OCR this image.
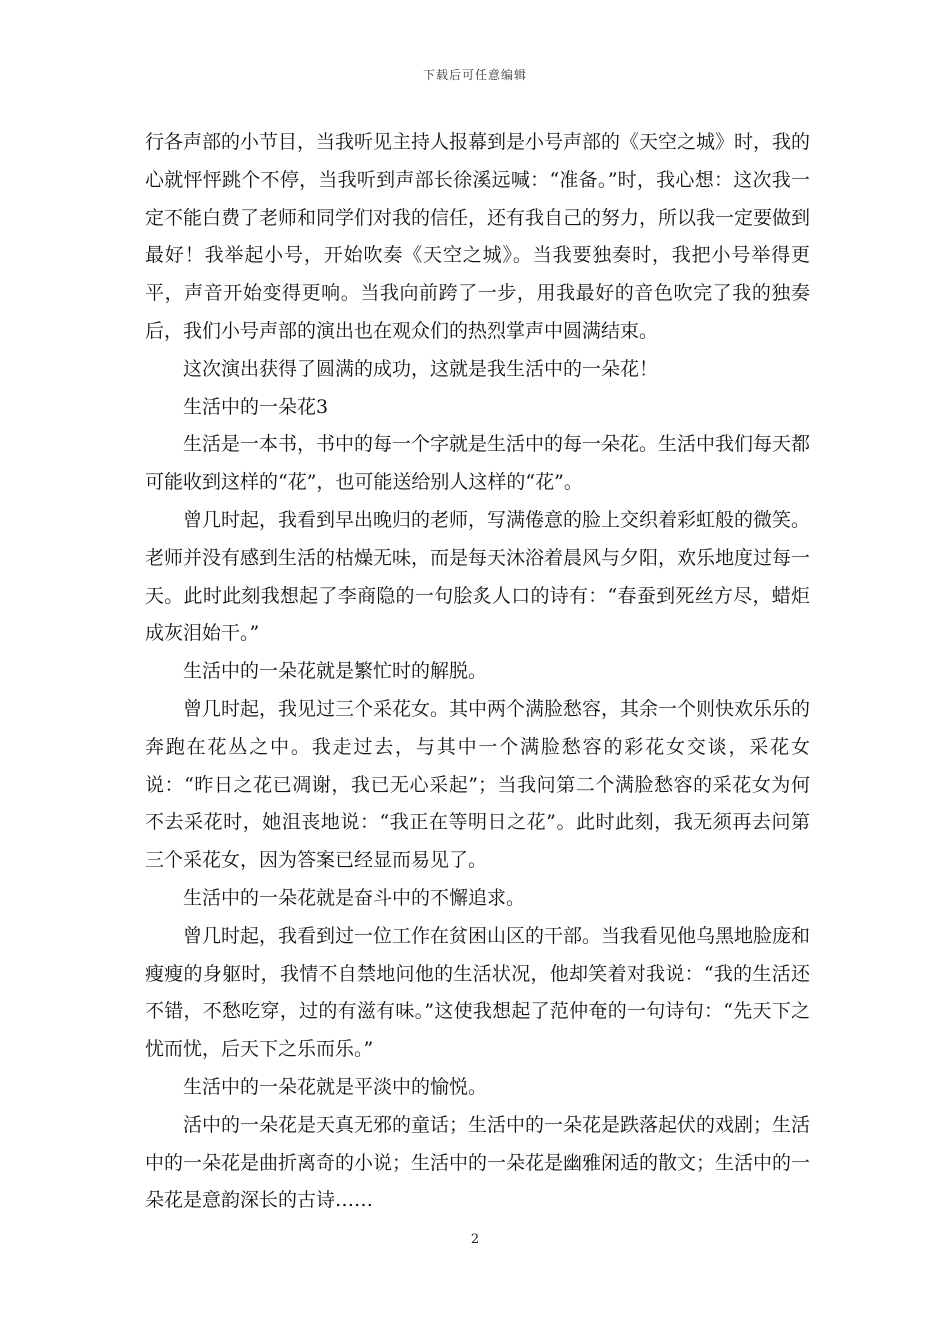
下载后可任意编辑

行各声部的小节目，当我听见主持人报幕到是小号声部的《天空之城》时，我的心就怦怦跳个不停，当我听到声部长徐溪远喊：“准备。”时，我心想：这次我一定不能白费了老师和同学们对我的信任，还有我自己的努力，所以我一定要做到最好！我举起小号，开始吹奏《天空之城》。当我要独奏时，我把小号举得更平，声音开始变得更响。当我向前跨了一步，用我最好的音色吹完了我的独奏后，我们小号声部的演出也在观众们的热烈掌声中圆满结束。

这次演出获得了圆满的成功，这就是我生活中的一朵花！

生活中的一朵花3

生活是一本书，书中的每一个字就是生活中的每一朵花。生活中我们每天都可能收到这样的“花”，也可能送给别人这样的“花”。

曾几时起，我看到早出晚归的老师，写满倦意的脸上交织着彩虹般的微笑。老师并没有感到生活的枯燥无味，而是每天沐浴着晨风与夕阳，欢乐地度过每一天。此时此刻我想起了李商隐的一句脍炙人口的诗有：“春蚕到死丝方尽，蜡炬成灰泪始干。”

生活中的一朵花就是繁忙时的解脱。

曾几时起，我见过三个采花女。其中两个满脸愁容，其余一个则快欢乐乐的奔跑在花丛之中。我走过去，与其中一个满脸愁容的彩花女交谈，采花女说：“昨日之花已凋谢，我已无心采起”；当我问第二个满脸愁容的采花女为何不去采花时，她沮丧地说：“我正在等明日之花”。此时此刻，我无须再去问第三个采花女，因为答案已经显而易见了。

生活中的一朵花就是奋斗中的不懈追求。

曾几时起，我看到过一位工作在贫困山区的干部。当我看见他乌黑地脸庞和瘦瘦的身躯时，我情不自禁地问他的生活状况，他却笑着对我说：“我的生活还不错，不愁吃穿，过的有滋有味。”这使我想起了范仲奄的一句诗句：“先天下之忧而忧，后天下之乐而乐。”

生活中的一朵花就是平淡中的愉悦。

活中的一朵花是天真无邪的童话；生活中的一朵花是跌落起伏的戏剧；生活中的一朵花是曲折离奇的小说；生活中的一朵花是幽雅闲适的散文；生活中的一朵花是意韵深长的古诗……

2
